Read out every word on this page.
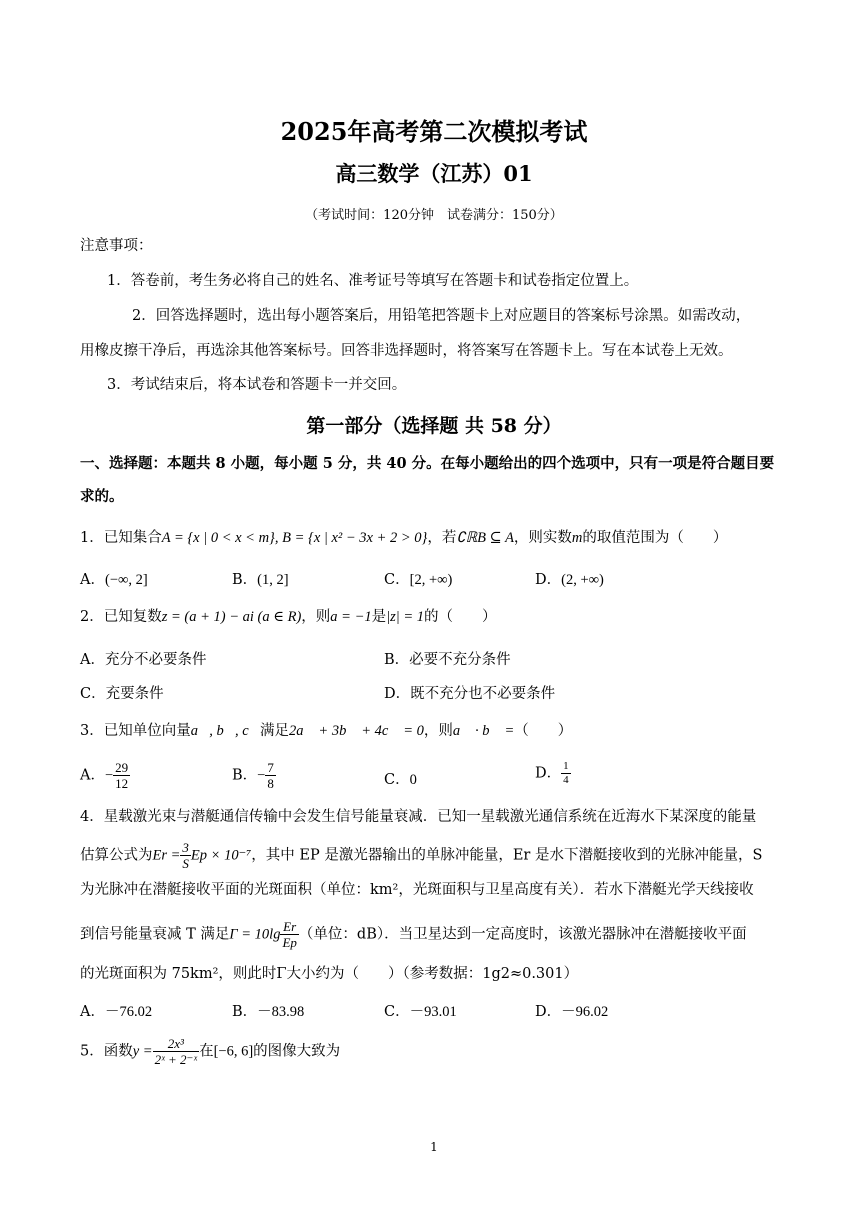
2025年高考第二次模拟考试
高三数学（江苏）01
（考试时间：120分钟　试卷满分：150分）
注意事项：
1．答卷前，考生务必将自己的姓名、准考证号等填写在答题卡和试卷指定位置上。
2．回答选择题时，选出每小题答案后，用铅笔把答题卡上对应题目的答案标号涂黑。如需改动，
用橡皮擦干净后，再选涂其他答案标号。回答非选择题时，将答案写在答题卡上。写在本试卷上无效。
3．考试结束后，将本试卷和答题卡一并交回。
第一部分（选择题 共 58 分）
一、选择题：本题共 8 小题，每小题 5 分，共 40 分。在每小题给出的四个选项中，只有一项是符合题目要
求的。
1．已知集合A = {x | 0 < x < m}, B = {x | x² − 3x + 2 > 0}，若∁ℝB ⊆ A，则实数m的取值范围为（　　）
A．(−∞, 2]	B．(1, 2]	C．[2, +∞)	D．(2, +∞)
2．已知复数z = (a + 1) − ai (a ∈ R)，则a = −1是|z| = 1的（　　）
A．充分不必要条件	B．必要不充分条件
C．充要条件	D．既不充分也不必要条件
3．已知单位向量a⃗, b⃗, c⃗满足2a⃗ + 3b⃗ + 4c⃗ = 0，则a⃗ · b⃗ =（　　）
A．− $\frac{29}{12}$	B．− $\frac{7}{8}$	C．0	D． $\frac{1}{4}$
4．星载激光束与潜艇通信传输中会发生信号能量衰减．已知一星载激光通信系统在近海水下某深度的能量
估算公式为$Er = \frac{3}{S}$ Ep × 10⁻⁷，其中 EP 是激光器输出的单脉冲能量，Er 是水下潜艇接收到的光脉冲能量，S
为光脉冲在潜艇接收平面的光斑面积（单位：km²，光斑面积与卫星高度有关）．若水下潜艇光学天线接收
到信号能量衰减 T 满足$\Gamma = 10\lg \frac{Er}{Ep}$ （单位：dB）．当卫星达到一定高度时，该激光器脉冲在潜艇接收平面
的光斑面积为 75km²，则此时Γ大小约为（　　）（参考数据：1g2≈0.301）
A．－76.02	B．－83.98	C．－93.01	D．－96.02
5．函数$y = \frac{\text{2x³}}{\text{2ˣ + 2⁻ˣ}}$ 在[−6, 6]的图像大致为
1
